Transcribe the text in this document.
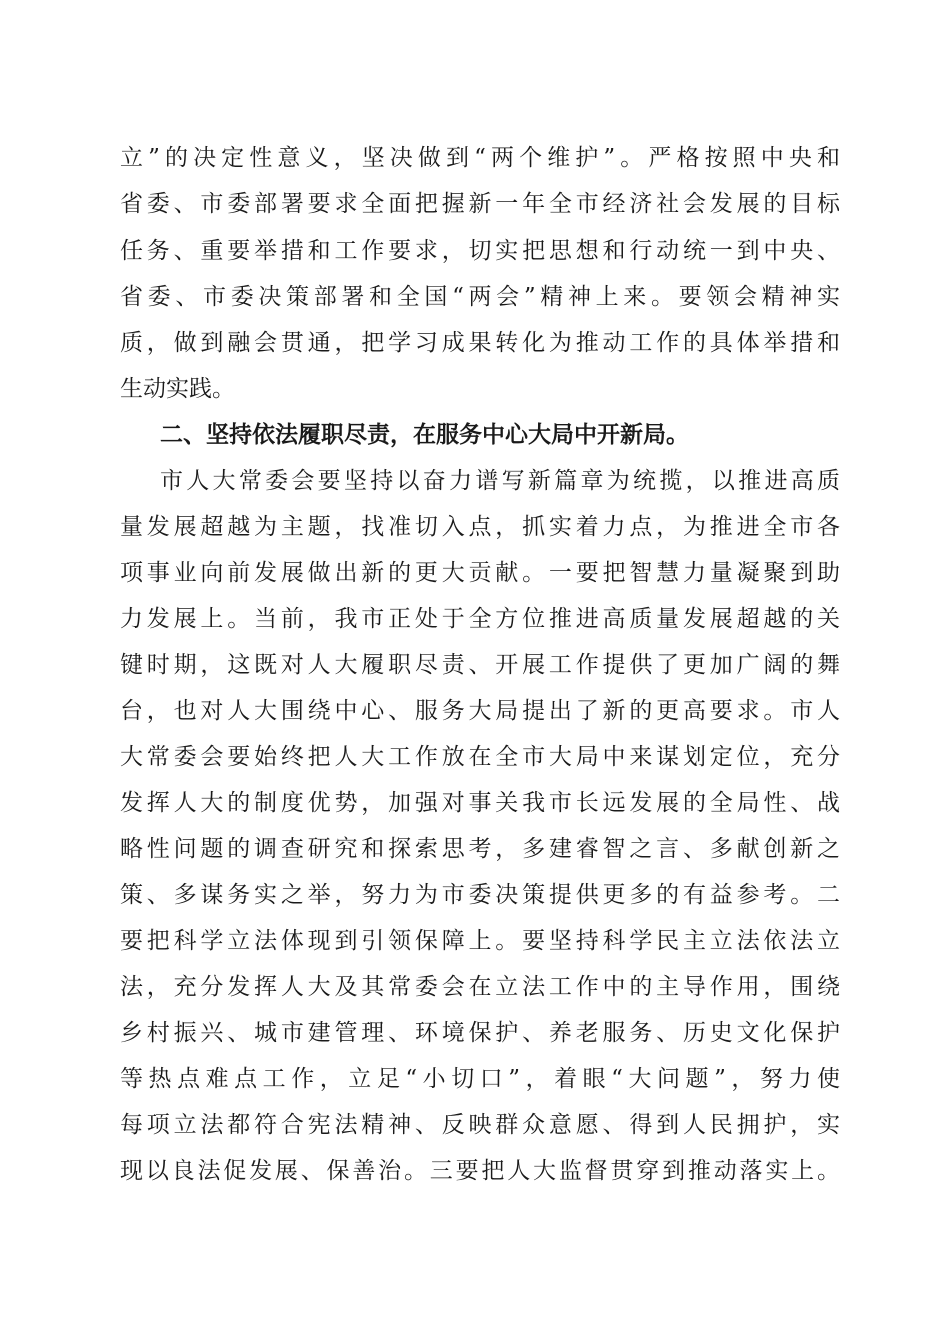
立”的决定性意义，坚决做到“两个维护”。严格按照中央和
省委、市委部署要求全面把握新一年全市经济社会发展的目标
任务、重要举措和工作要求，切实把思想和行动统一到中央、
省委、市委决策部署和全国“两会”精神上来。要领会精神实
质，做到融会贯通，把学习成果转化为推动工作的具体举措和
生动实践。
二、坚持依法履职尽责，在服务中心大局中开新局。
市人大常委会要坚持以奋力谱写新篇章为统揽，以推进高质
量发展超越为主题，找准切入点，抓实着力点，为推进全市各
项事业向前发展做出新的更大贡献。一要把智慧力量凝聚到助
力发展上。当前，我市正处于全方位推进高质量发展超越的关
键时期，这既对人大履职尽责、开展工作提供了更加广阔的舞
台，也对人大围绕中心、服务大局提出了新的更高要求。市人
大常委会要始终把人大工作放在全市大局中来谋划定位，充分
发挥人大的制度优势，加强对事关我市长远发展的全局性、战
略性问题的调查研究和探索思考，多建睿智之言、多献创新之
策、多谋务实之举，努力为市委决策提供更多的有益参考。二
要把科学立法体现到引领保障上。要坚持科学民主立法依法立
法，充分发挥人大及其常委会在立法工作中的主导作用，围绕
乡村振兴、城市建管理、环境保护、养老服务、历史文化保护
等热点难点工作，立足“小切口”，着眼“大问题”，努力使
每项立法都符合宪法精神、反映群众意愿、得到人民拥护，实
现以良法促发展、保善治。三要把人大监督贯穿到推动落实上。
